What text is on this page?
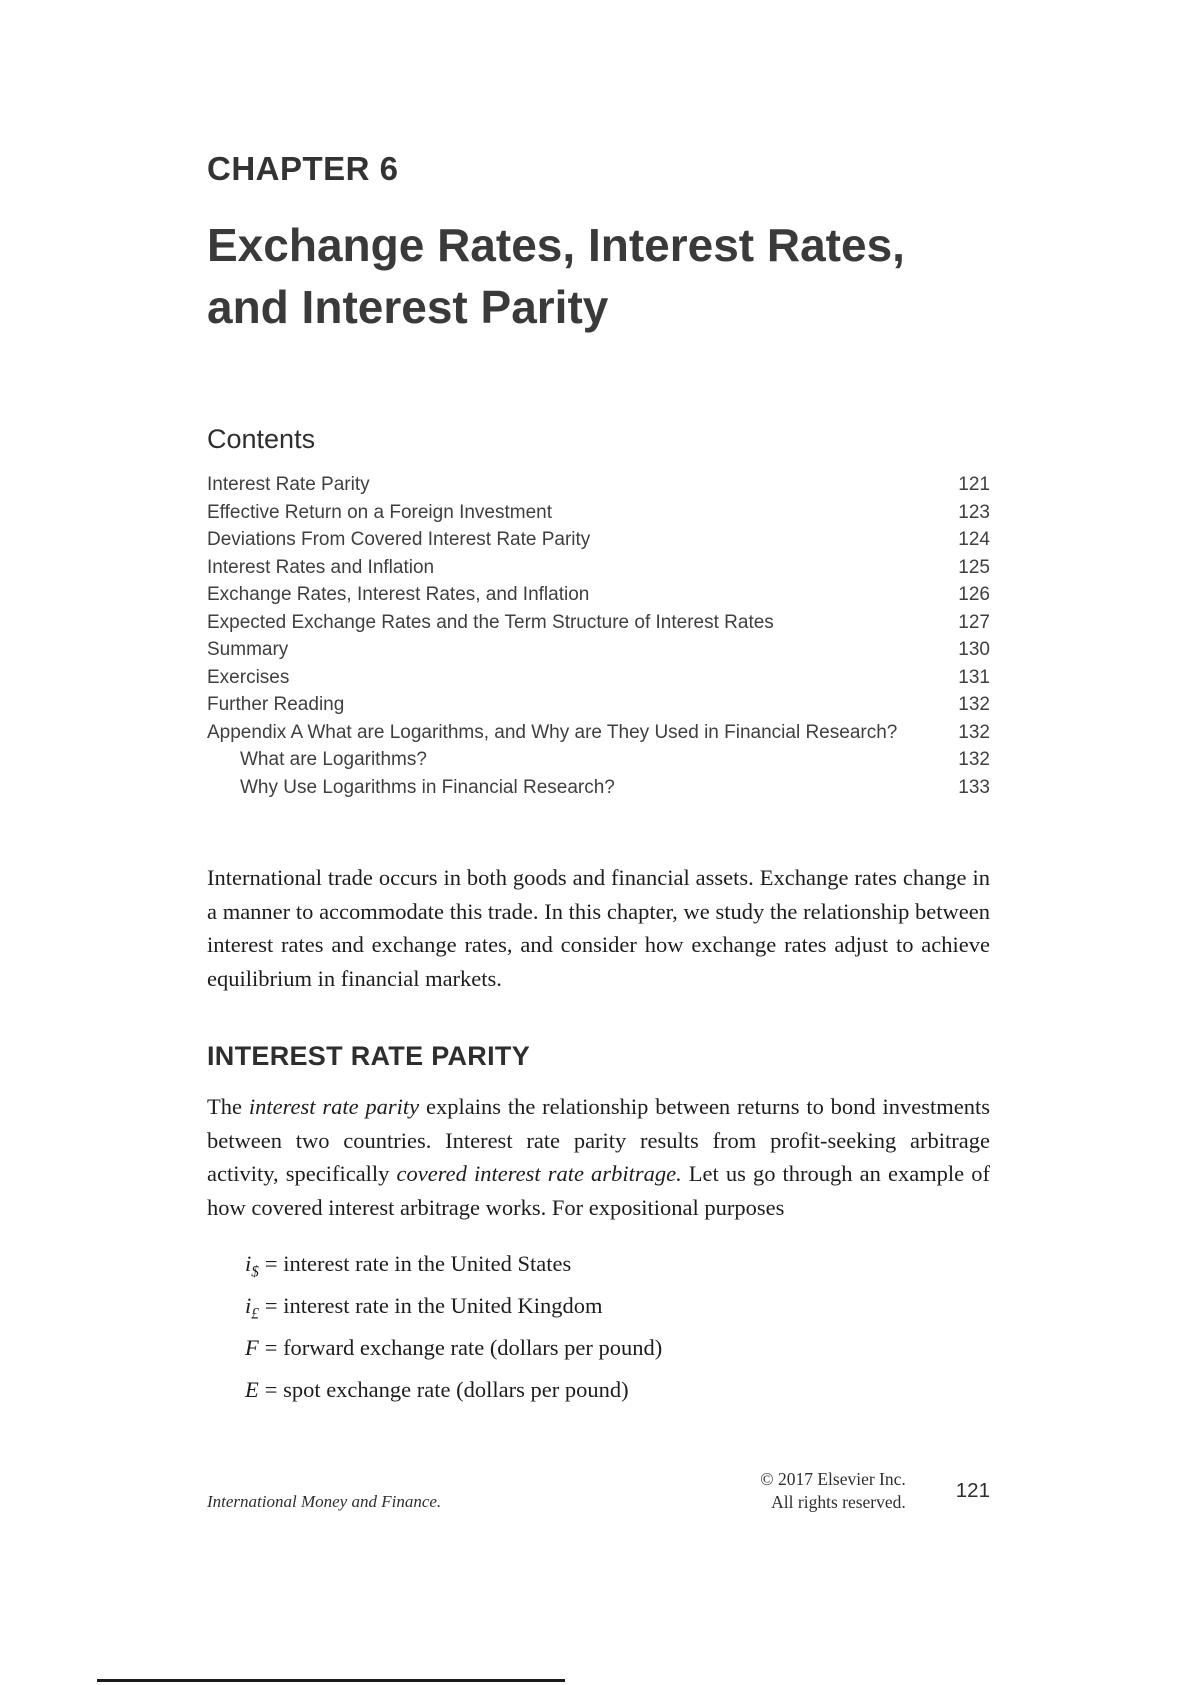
CHAPTER 6
Exchange Rates, Interest Rates,
and Interest Parity
Contents
Interest Rate Parity	121
Effective Return on a Foreign Investment	123
Deviations From Covered Interest Rate Parity	124
Interest Rates and Inflation	125
Exchange Rates, Interest Rates, and Inflation	126
Expected Exchange Rates and the Term Structure of Interest Rates	127
Summary	130
Exercises	131
Further Reading	132
Appendix A What are Logarithms, and Why are They Used in Financial Research?	132
What are Logarithms?	132
Why Use Logarithms in Financial Research?	133

International trade occurs in both goods and financial assets. Exchange rates change in a manner to accommodate this trade. In this chapter, we study the relationship between interest rates and exchange rates, and consider how exchange rates adjust to achieve equilibrium in financial markets.

INTEREST RATE PARITY

The interest rate parity explains the relationship between returns to bond investments between two countries. Interest rate parity results from profit-seeking arbitrage activity, specifically covered interest rate arbitrage. Let us go through an example of how covered interest arbitrage works. For expositional purposes

$i_{\$}$ = interest rate in the United States
$i_£$ = interest rate in the United Kingdom
F = forward exchange rate (dollars per pound)
E = spot exchange rate (dollars per pound)
International Money and Finance.
© 2017 Elsevier Inc.
All rights reserved. 121
